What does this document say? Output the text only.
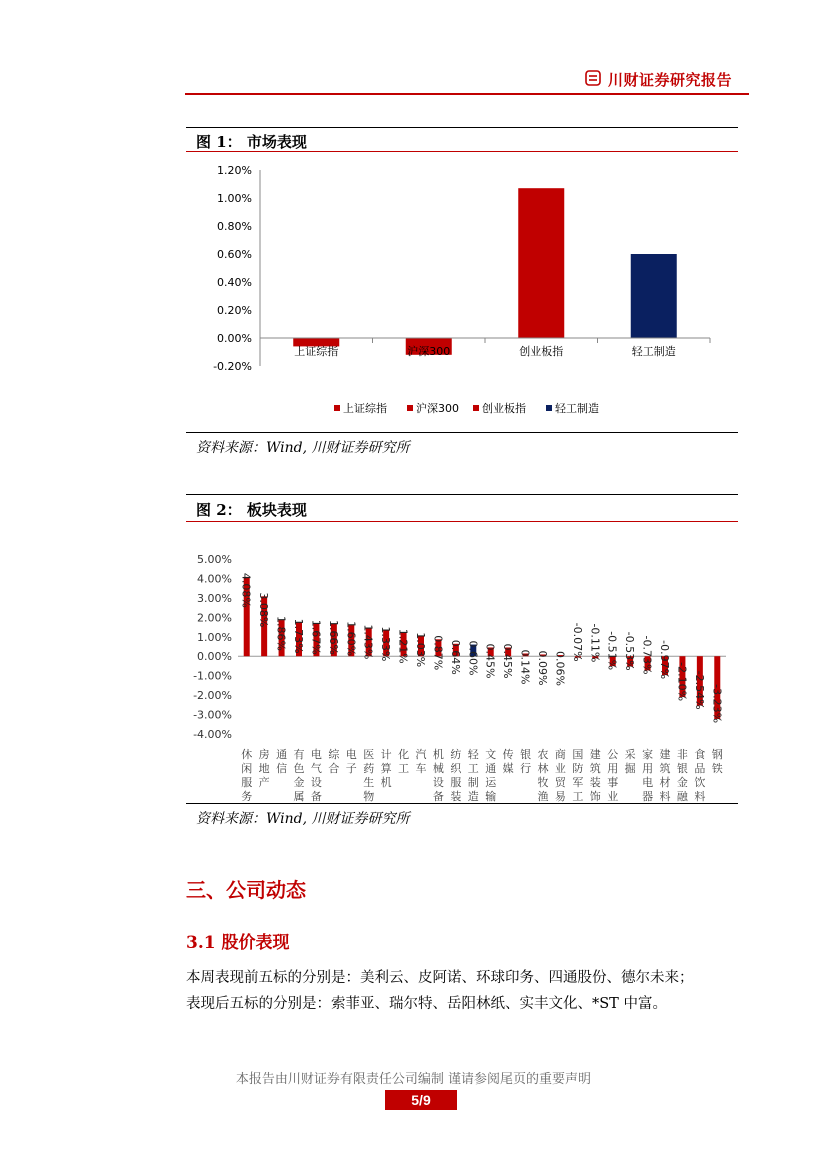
川财证券研究报告
图 1： 市场表现
1.20%
1.00%
0.80%
0.60%
0.40%
0.20%
0.00%
-0.20%
上证综指	沪深300	创业板指	轻工制造
上证综指	沪深300 创业板指	轻工制造
资料来源：Wind, 川财证券研究所
图 2： 板块表现
5.00%
4.00%
3.00%
2.00%
1.00%
0.00%
-1.00%
-2.00%
-3.00%
-4.00%
4.08%
3.08%
1.86% 1.73% 1.67% 1.66% 1.60% 1.43% 1.33% 1.21% 1.03% 0.87% 0.64% 0.60% 0.45% 0.45% 0.14% 0.09% 0.06%
-0.07% -0.11% -0.51% -0.53% -0.73% -0.97%
-2.10% -2.54% -3.23%
休闲服务
房地产
通信
有色金属
电气设备
综合
电子
医药生物
计算机
化工
汽车
机械设备
纺织服装
轻工制造
文通运输
传媒
银行
农林牧渔
商业贸易
国防军工
建筑装饰
公用事业
采掘
家用电器
建筑材料
非银金融
食品饮料
钢铁
资料来源：Wind, 川财证券研究所
三、公司动态
3.1 股价表现
本周表现前五标的分别是：美利云、皮阿诺、环球印务、四通股份、德尔未来；
表现后五标的分别是：索菲亚、瑞尔特、岳阳林纸、实丰文化、*ST 中富。
本报告由川财证券有限责任公司编制 谨请参阅尾页的重要声明
5/9
